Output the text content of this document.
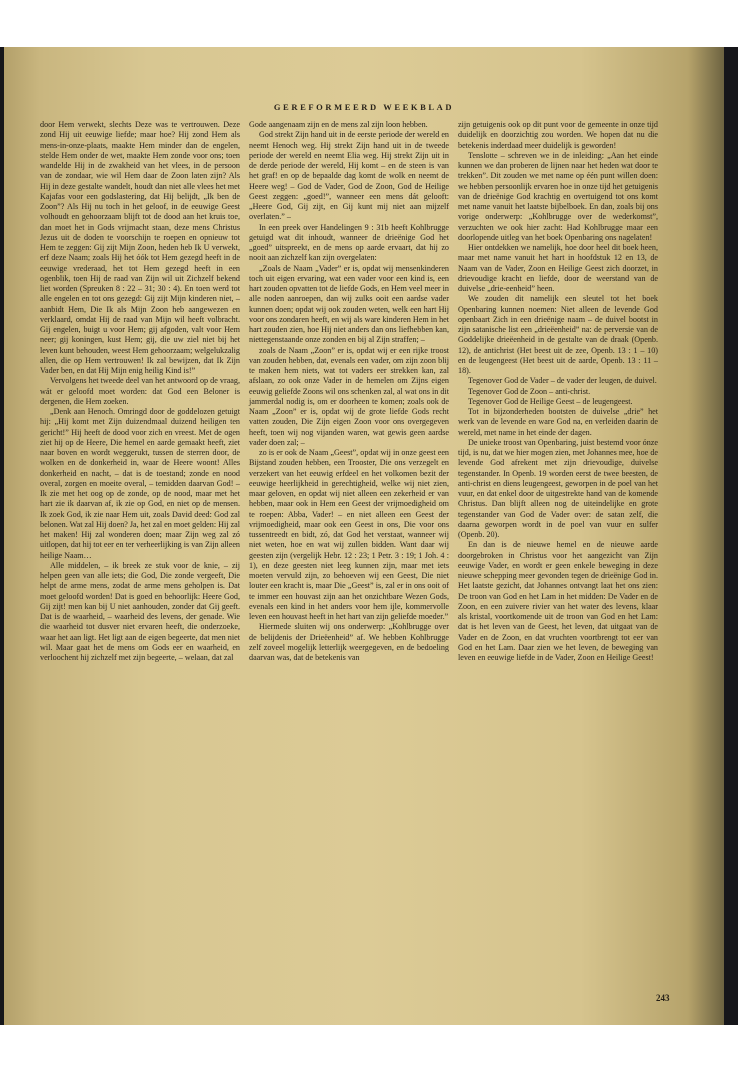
GEREFORMEERD WEEKBLAD

door Hem verwekt, slechts Deze was te vertrouwen. Deze zond Hij uit eeuwige liefde; maar hoe? Hij zond Hem als mens-in-onze-plaats, maakte Hem minder dan de engelen, stelde Hem onder de wet, maakte Hem zonde voor ons; toen wandelde Hij in de zwakheid van het vlees, in de persoon van de zondaar, wie wil Hem daar de Zoon laten zijn? Als Hij in deze gestalte wandelt, houdt dan niet alle vlees het met Kajafas voor een godslastering, dat Hij belijdt, „Ik ben de Zoon”? Als Hij nu toch in het geloof, in de eeuwige Geest volhoudt en gehoorzaam blijft tot de dood aan het kruis toe, dan moet het in Gods vrijmacht staan, deze mens Christus Jezus uit de doden te voorschijn te roepen en opnieuw tot Hem te zeggen: Gij zijt Mijn Zoon, heden heb Ik U verwekt, erf deze Naam; zoals Hij het óók tot Hem gezegd heeft in de eeuwige vrederaad, het tot Hem gezegd heeft in een ogenblik, toen Hij de raad van Zijn wil uit Zichzelf bekend liet worden (Spreuken 8 : 22 – 31; 30 : 4). En toen werd tot alle engelen en tot ons gezegd: Gij zijt Mijn kinderen niet, – aanbidt Hem, Die Ik als Mijn Zoon heb aangewezen en verklaard, omdat Hij de raad van Mijn wil heeft volbracht. Gij engelen, buigt u voor Hem; gij afgoden, valt voor Hem neer; gij koningen, kust Hem; gij, die uw ziel niet bij het leven kunt behouden, weest Hem gehoorzaam; welgelukzalig allen, die op Hem vertrouwen! Ik zal bewijzen, dat Ik Zijn Vader ben, en dat Hij Mijn enig heilig Kind is!”

Vervolgens het tweede deel van het antwoord op de vraag, wát er geloofd moet worden: dat God een Beloner is dergenen, die Hem zoeken.

„Denk aan Henoch. Omringd door de goddelozen getuigt hij: „Hij komt met Zijn duizendmaal duizend heiligen ten gericht!” Hij heeft de dood voor zich en vreest. Met de ogen ziet hij op de Heere, Die hemel en aarde gemaakt heeft, ziet naar boven en wordt weggerukt, tussen de sterren door, de wolken en de donkerheid in, waar de Heere woont! Alles donkerheid en nacht, – dat is de toestand; zonde en nood overal, zorgen en moeite overal, – temidden daarvan God! – Ik zie met het oog op de zonde, op de nood, maar met het hart zie ik daarvan af, ik zie op God, en niet op de mensen. Ik zoek God, ik zie naar Hem uit, zoals David deed: God zal belonen. Wat zal Hij doen? Ja, het zal en moet gelden: Hij zal het maken! Hij zal wonderen doen; maar Zijn weg zal zó uitlopen, dat hij tot eer en ter verheerlijking is van Zijn alleen heilige Naam…

Alle middelen, – ik breek ze stuk voor de knie, – zij helpen geen van alle iets; die God, Die zonde vergeeft, Die helpt de arme mens, zodat de arme mens geholpen is. Dat moet geloofd worden! Dat is goed en behoorlijk: Heere God, Gij zijt! men kan bij U niet aanhouden, zonder dat Gij geeft. Dat is de waarheid, – waarheid des levens, der genade. Wie die waarheid tot dusver niet ervaren heeft, die onderzoeke, waar het aan ligt. Het ligt aan de eigen begeerte, dat men niet wil. Maar gaat het de mens om Gods eer en waarheid, en verloochent hij zichzelf met zijn begeerte, – welaan, dat zal

Gode aangenaam zijn en de mens zal zijn loon hebben.

God strekt Zijn hand uit in de eerste periode der wereld en neemt Henoch weg. Hij strekt Zijn hand uit in de tweede periode der wereld en neemt Elia weg. Hij strekt Zijn uit in de derde periode der wereld, Hij komt – en de steen is van het graf! en op de bepaalde dag komt de wolk en neemt de Heere weg! – God de Vader, God de Zoon, God de Heilige Geest zeggen: „goed!”, wanneer een mens dát gelooft: „Heere God, Gij zijt, en Gij kunt mij niet aan mijzelf overlaten.” –

In een preek over Handelingen 9 : 31b heeft Kohlbrugge getuigd wat dit inhoudt, wanneer de drieënige God het „goed” uitspreekt, en de mens op aarde ervaart, dat hij zo nooit aan zichzelf kan zijn overgelaten:

„Zoals de Naam „Vader” er is, opdat wij mensenkinderen toch uit eigen ervaring, wat een vader voor een kind is, een hart zouden opvatten tot de liefde Gods, en Hem veel meer in alle noden aanroepen, dan wij zulks ooit een aardse vader kunnen doen; opdat wij ook zouden weten, welk een hart Hij voor ons zondaren heeft, en wij als ware kinderen Hem in het hart zouden zien, hoe Hij niet anders dan ons liefhebben kan, niettegenstaande onze zonden en bij al Zijn straffen; –

zoals de Naam „Zoon” er is, opdat wij er een rijke troost van zouden hebben, dat, evenals een vader, om zijn zoon blij te maken hem niets, wat tot vaders eer strekken kan, zal afslaan, zo ook onze Vader in de hemelen om Zijns eigen eeuwig geliefde Zoons wil ons schenken zal, al wat ons in dit jammerdal nodig is, om er doorheen te komen; zoals ook de Naam „Zoon” er is, opdat wij de grote liefde Gods recht vatten zouden, Die Zijn eigen Zoon voor ons overgegeven heeft, toen wij nog vijanden waren, wat gewis geen aardse vader doen zal; –

zo is er ook de Naam „Geest”, opdat wij in onze geest een Bijstand zouden hebben, een Trooster, Die ons verzegelt en verzekert van het eeuwig erfdeel en het volkomen bezit der eeuwige heerlijkheid in gerechtigheid, welke wij niet zien, maar geloven, en opdat wij niet alleen een zekerheid er van hebben, maar ook in Hem een Geest der vrijmoedigheid om te roepen: Abba, Vader! – en niet alleen een Geest der vrijmoedigheid, maar ook een Geest in ons, Die voor ons tussentreedt en bidt, zó, dat God het verstaat, wanneer wij niet weten, hoe en wat wij zullen bidden. Want daar wij geesten zijn (vergelijk Hebr. 12 : 23; 1 Petr. 3 : 19; 1 Joh. 4 : 1), en deze geesten niet leeg kunnen zijn, maar met iets moeten vervuld zijn, zo behoeven wij een Geest, Die niet louter een kracht is, maar Die „Geest” is, zal er in ons ooit of te immer een houvast zijn aan het onzichtbare Wezen Gods, evenals een kind in het anders voor hem ijle, kommervolle leven een houvast heeft in het hart van zijn geliefde moeder.”

Hiermede sluiten wij ons onderwerp: „Kohlbrugge over de belijdenis der Drieëenheid” af. We hebben Kohlbrugge zelf zoveel mogelijk letterlijk weergegeven, en de bedoeling daarvan was, dat de betekenis van

zijn getuigenis ook op dit punt voor de gemeente in onze tijd duidelijk en doorzichtig zou worden. We hopen dat nu die betekenis inderdaad meer duidelijk is geworden!

Tenslotte – schreven we in de inleiding: „Aan het einde kunnen we dan proberen de lijnen naar het heden wat door te trekken”. Dit zouden we met name op één punt willen doen: we hebben persoonlijk ervaren hoe in onze tijd het getuigenis van de drieënige God krachtig en overtuigend tot ons komt met name vanuit het laatste bijbelboek. En dan, zoals bij ons vorige onderwerp: „Kohlbrugge over de wederkomst”, verzuchten we ook hier zacht: Had Kohlbrugge maar een doorlopende uitleg van het boek Openbaring ons nagelaten!

Hier ontdekken we namelijk, hoe door heel dit boek heen, maar met name vanuit het hart in hoofdstuk 12 en 13, de Naam van de Vader, Zoon en Heilige Geest zich doorzet, in drievoudige kracht en liefde, door de weerstand van de duivelse „drie-eenheid” heen.

We zouden dit namelijk een sleutel tot het boek Openbaring kunnen noemen: Niet alleen de levende God openbaart Zich in een drieënige naam – de duivel bootst in zijn satanische list een „drieëenheid” na: de perversie van de Goddelijke drieëenheid in de gestalte van de draak (Openb. 12), de antichrist (Het beest uit de zee, Openb. 13 : 1 – 10) en de leugengeest (Het beest uit de aarde, Openb. 13 : 11 – 18).

Tegenover God de Vader – de vader der leugen, de duivel.

Tegenover God de Zoon – anti-christ.

Tegenover God de Heilige Geest – de leugengeest.

Tot in bijzonderheden bootsten de duivelse „drie” het werk van de levende en ware God na, en verleiden daarin de wereld, met name in het einde der dagen.

De unieke troost van Openbaring, juist bestemd voor ónze tijd, is nu, dat we hier mogen zien, met Johannes mee, hoe de levende God afrekent met zijn drievoudige, duivelse tegenstander. In Openb. 19 worden eerst de twee beesten, de anti-christ en diens leugengeest, geworpen in de poel van het vuur, en dat enkel door de uitgestrekte hand van de komende Christus. Dan blijft alleen nog de uiteindelijke en grote tegenstander van God de Vader over: de satan zelf, die daarna geworpen wordt in de poel van vuur en sulfer (Openb. 20).

En dan is de nieuwe hemel en de nieuwe aarde doorgebroken in Christus voor het aangezicht van Zijn eeuwige Vader, en wordt er geen enkele beweging in deze nieuwe schepping meer gevonden tegen de drieënige God in. Het laatste gezicht, dat Johannes ontvangt laat het ons zien: De troon van God en het Lam in het midden: De Vader en de Zoon, en een zuivere rivier van het water des levens, klaar als kristal, voortkomende uit de troon van God en het Lam: dat is het leven van de Geest, het leven, dat uitgaat van de Vader en de Zoon, en dat vruchten voortbrengt tot eer van God en het Lam. Daar zien we het leven, de beweging van leven en eeuwige liefde in de Vader, Zoon en Heilige Geest!

243
